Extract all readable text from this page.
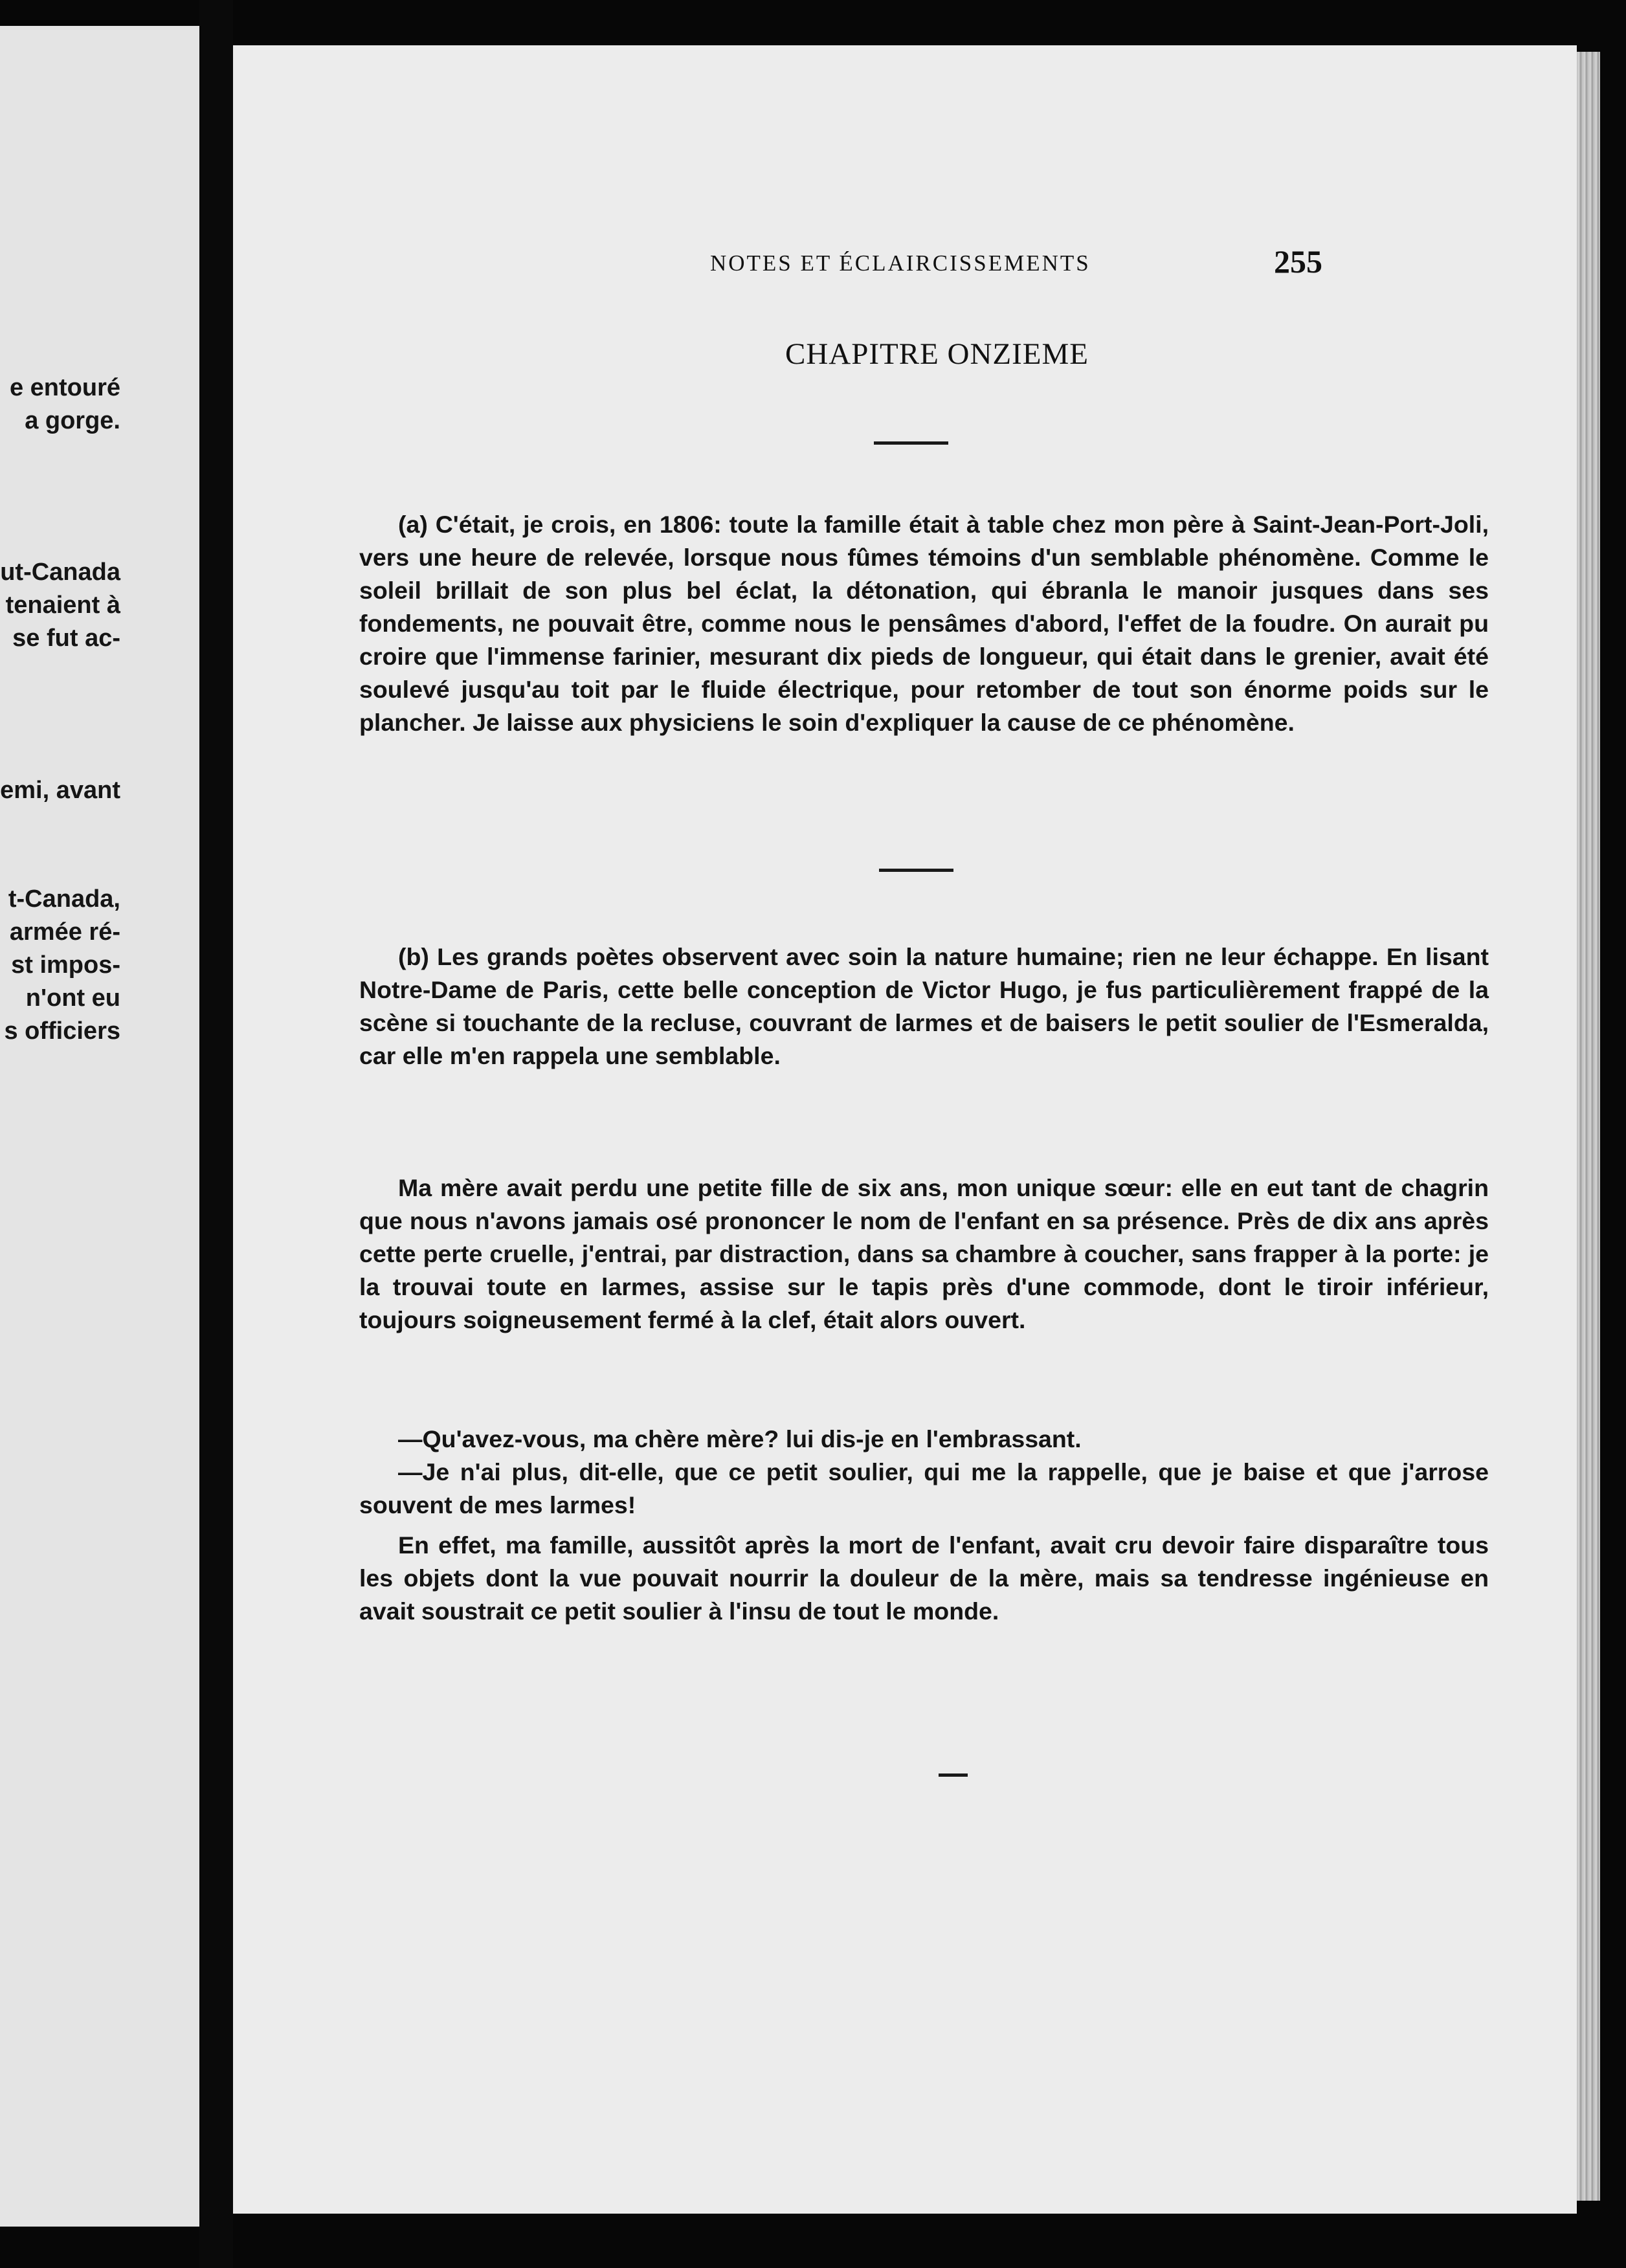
e entouré
a gorge.
ut-Canada
tenaient à
se fut ac-
emi, avant
t-Canada,
armée ré-
st impos-
n'ont eu
s officiers
NOTES ET ÉCLAIRCISSEMENTS	255
CHAPITRE ONZIEME

(a) C'était, je crois, en 1806: toute la famille était à table chez mon père à Saint-Jean-Port-Joli, vers une heure de relevée, lorsque nous fûmes témoins d'un semblable phénomène. Comme le soleil brillait de son plus bel éclat, la détonation, qui ébranla le manoir jusques dans ses fondements, ne pouvait être, comme nous le pensâmes d'abord, l'effet de la foudre. On aurait pu croire que l'immense farinier, mesurant dix pieds de longueur, qui était dans le grenier, avait été soulevé jusqu'au toit par le fluide électrique, pour retomber de tout son énorme poids sur le plancher. Je laisse aux physiciens le soin d'expliquer la cause de ce phénomène.

(b) Les grands poètes observent avec soin la nature humaine; rien ne leur échappe. En lisant Notre-Dame de Paris, cette belle conception de Victor Hugo, je fus particulièrement frappé de la scène si touchante de la recluse, couvrant de larmes et de baisers le petit soulier de l'Esmeralda, car elle m'en rappela une semblable.

Ma mère avait perdu une petite fille de six ans, mon unique sœur: elle en eut tant de chagrin que nous n'avons jamais osé prononcer le nom de l'enfant en sa présence. Près de dix ans après cette perte cruelle, j'entrai, par distraction, dans sa chambre à coucher, sans frapper à la porte: je la trouvai toute en larmes, assise sur le tapis près d'une commode, dont le tiroir inférieur, toujours soigneusement fermé à la clef, était alors ouvert.

—Qu'avez-vous, ma chère mère? lui dis-je en l'embrassant.

—Je n'ai plus, dit-elle, que ce petit soulier, qui me la rappelle, que je baise et que j'arrose souvent de mes larmes!

En effet, ma famille, aussitôt après la mort de l'enfant, avait cru devoir faire disparaître tous les objets dont la vue pouvait nourrir la douleur de la mère, mais sa tendresse ingénieuse en avait soustrait ce petit soulier à l'insu de tout le monde.
